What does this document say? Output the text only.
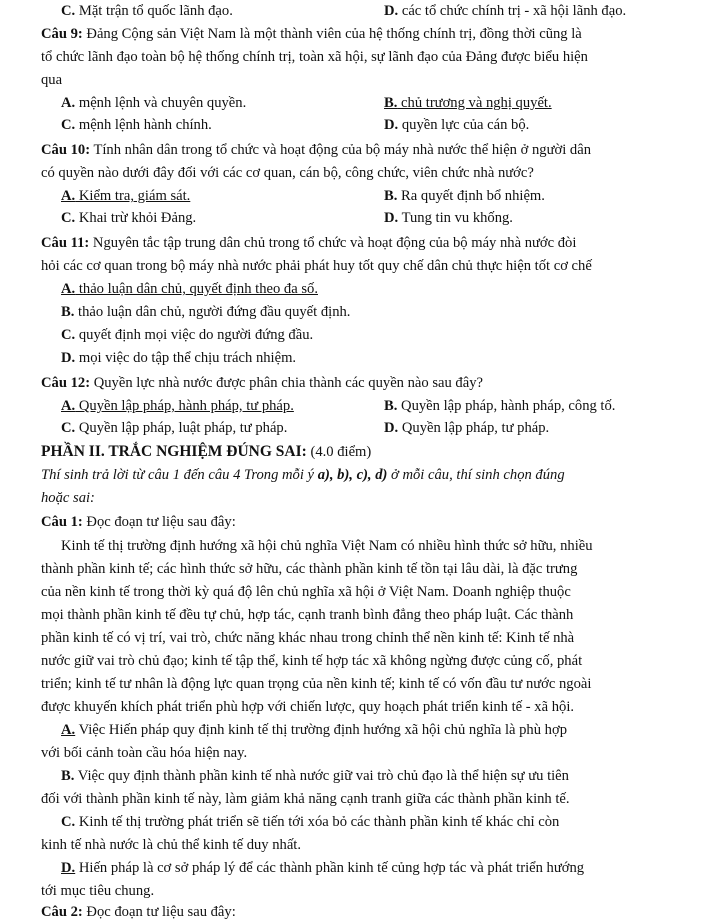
C. Mặt trận tổ quốc lãnh đạo.	D. các tổ chức chính trị - xã hội lãnh đạo.
Câu 9: Đảng Cộng sản Việt Nam là một thành viên của hệ thống chính trị, đồng thời cũng là
tổ chức lãnh đạo toàn bộ hệ thống chính trị, toàn xã hội, sự lãnh đạo của Đảng được biểu hiện
qua
A. mệnh lệnh và chuyên quyền.	B. chủ trương và nghị quyết.
C. mệnh lệnh hành chính.	D. quyền lực của cán bộ.
Câu 10: Tính nhân dân trong tổ chức và hoạt động của bộ máy nhà nước thể hiện ở người dân
có quyền nào dưới đây đối với các cơ quan, cán bộ, công chức, viên chức nhà nước?
A. Kiểm tra, giám sát.	B. Ra quyết định bổ nhiệm.
C. Khai trừ khỏi Đảng.	D. Tung tin vu khống.
Câu 11: Nguyên tắc tập trung dân chủ trong tổ chức và hoạt động của bộ máy nhà nước đòi
hỏi các cơ quan trong bộ máy nhà nước phải phát huy tốt quy chế dân chủ thực hiện tốt cơ chế
A. thảo luận dân chủ, quyết định theo đa số.
B. thảo luận dân chủ, người đứng đầu quyết định.
C. quyết định mọi việc do người đứng đầu.
D. mọi việc do tập thể chịu trách nhiệm.
Câu 12: Quyền lực nhà nước được phân chia thành các quyền nào sau đây?
A. Quyền lập pháp, hành pháp, tư pháp.	B. Quyền lập pháp, hành pháp, công tố.
C. Quyền lập pháp, luật pháp, tư pháp.	D. Quyền lập pháp, tư pháp.
PHẦN II. TRẮC NGHIỆM ĐÚNG SAI: (4.0 điểm)
Thí sinh trả lời từ câu 1 đến câu 4 Trong mỗi ý a), b), c), d) ở mỗi câu, thí sinh chọn đúng
hoặc sai:
Câu 1: Đọc đoạn tư liệu sau đây:
Kinh tế thị trường định hướng xã hội chủ nghĩa Việt Nam có nhiều hình thức sở hữu, nhiều
thành phần kinh tế; các hình thức sở hữu, các thành phần kinh tế tồn tại lâu dài, là đặc trưng
của nền kinh tế trong thời kỳ quá độ lên chủ nghĩa xã hội ở Việt Nam. Doanh nghiệp thuộc
mọi thành phần kinh tế đều tự chủ, hợp tác, cạnh tranh bình đẳng theo pháp luật. Các thành
phần kinh tế có vị trí, vai trò, chức năng khác nhau trong chỉnh thể nền kinh tế: Kinh tế nhà
nước giữ vai trò chủ đạo; kinh tế tập thể, kinh tế hợp tác xã không ngừng được củng cố, phát
triển; kinh tế tư nhân là động lực quan trọng của nền kinh tế; kinh tế có vốn đầu tư nước ngoài
được khuyến khích phát triển phù hợp với chiến lược, quy hoạch phát triển kinh tế - xã hội.
A. Việc Hiến pháp quy định kinh tế thị trường định hướng xã hội chủ nghĩa là phù hợp
với bối cảnh toàn cầu hóa hiện nay.
B. Việc quy định thành phần kinh tế nhà nước giữ vai trò chủ đạo là thể hiện sự ưu tiên
đối với thành phần kinh tế này, làm giảm khả năng cạnh tranh giữa các thành phần kinh tế.
C. Kinh tế thị trường phát triển sẽ tiến tới xóa bỏ các thành phần kinh tế khác chỉ còn
kinh tế nhà nước là chủ thể kinh tế duy nhất.
D. Hiến pháp là cơ sở pháp lý để các thành phần kinh tế củng hợp tác và phát triển hướng
tới mục tiêu chung.
Câu 2: Đọc đoạn tư liệu sau đây:
